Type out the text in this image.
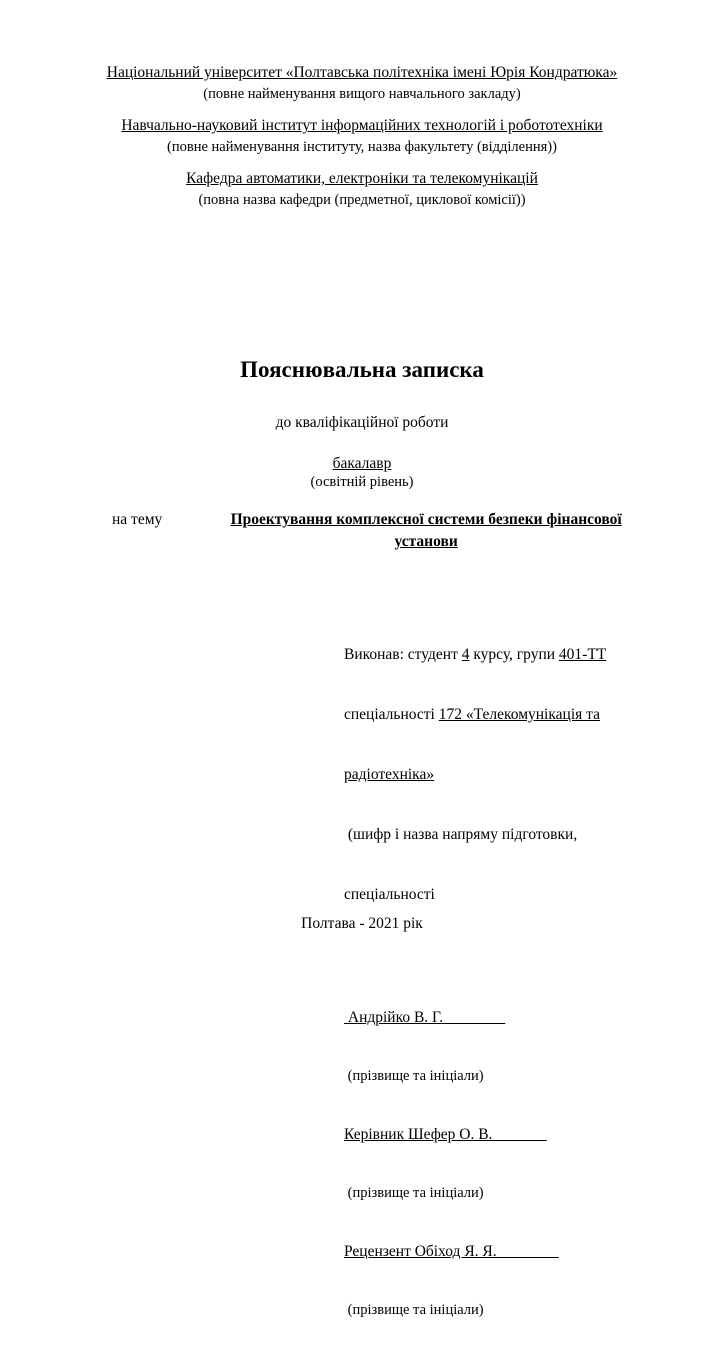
Національний університет «Полтавська політехніка імені Юрія Кондратюка»
(повне найменування вищого навчального закладу)
Навчально-науковий інститут інформаційних технологій і робототехніки
(повне найменування інституту, назва факультету (відділення))
Кафедра автоматики, електроніки та телекомунікацій
(повна назва кафедри (предметної, циклової комісії))
Пояснювальна записка
до кваліфікаційної роботи
бакалавр
(освітній рівень)
на тему	Проектування комплексної системи безпеки фінансової установи

Виконав: студент 4 курсу, групи 401-ТТ

спеціальності 172 «Телекомунікація та

радіотехніка»

(шифр і назва напряму підготовки,

спеціальності

Андрійко В. Г.________

(прізвище та ініціали)

Керівник Шефер О. В._______

(прізвище та ініціали)

Рецензент Обіход Я. Я.________

(прізвище та ініціали)

Полтава - 2021 рік
